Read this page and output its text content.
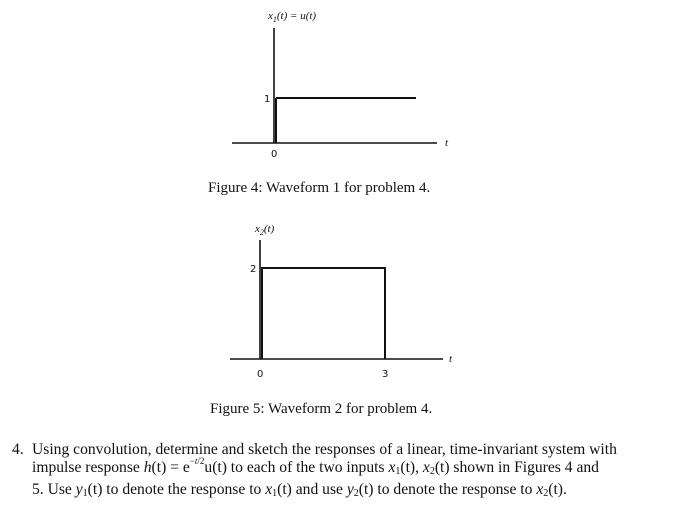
$x_1(t) = u(t)$
1
0
t
$x_2(t)$
2
0	3
t
Figure 4: Waveform 1 for problem 4.
Figure 5: Waveform 2 for problem 4.
4. Using convolution, determine and sketch the responses of a linear, time-invariant system with
impulse response h(t) = e−t/2u(t) to each of the two inputs $x_1(t)$, $x_2(t)$ shown in Figures 4 and
5. Use $y_1(t)$ to denote the response to $x_1(t)$ and use $y_2(t)$ to denote the response to $x_2(t)$.
